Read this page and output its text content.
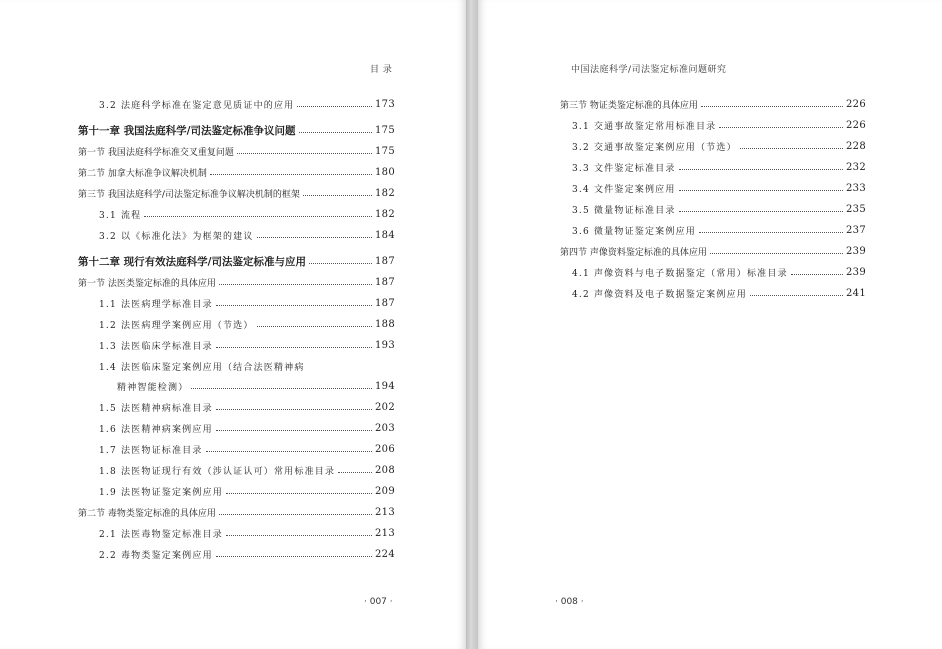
目 录
3.2 法庭科学标准在鉴定意见质证中的应用	173
第十一章 我国法庭科学/司法鉴定标准争议问题	175
第一节 我国法庭科学标准交叉重复问题	175
第二节 加拿大标准争议解决机制	180
第三节 我国法庭科学/司法鉴定标准争议解决机制的框架	182
3.1 流程	182
3.2 以《标准化法》为框架的建议	184
第十二章 现行有效法庭科学/司法鉴定标准与应用	187
第一节 法医类鉴定标准的具体应用	187
1.1 法医病理学标准目录	187
1.2 法医病理学案例应用（节选）	188
1.3 法医临床学标准目录	193
1.4 法医临床鉴定案例应用（结合法医精神病
精神智能检测）	194
1.5 法医精神病标准目录	202
1.6 法医精神病案例应用	203
1.7 法医物证标准目录	206
1.8 法医物证现行有效（涉认证认可）常用标准目录	208
1.9 法医物证鉴定案例应用	209
第二节 毒物类鉴定标准的具体应用	213
2.1 法医毒物鉴定标准目录	213
2.2 毒物类鉴定案例应用	224
· 007 ·
中国法庭科学/司法鉴定标准问题研究
第三节 物证类鉴定标准的具体应用	226
3.1 交通事故鉴定常用标准目录	226
3.2 交通事故鉴定案例应用（节选）	228
3.3 文件鉴定标准目录	232
3.4 文件鉴定案例应用	233
3.5 微量物证标准目录	235
3.6 微量物证鉴定案例应用	237
第四节 声像资料鉴定标准的具体应用	239
4.1 声像资料与电子数据鉴定（常用）标准目录	239
4.2 声像资料及电子数据鉴定案例应用	241
· 008 ·
